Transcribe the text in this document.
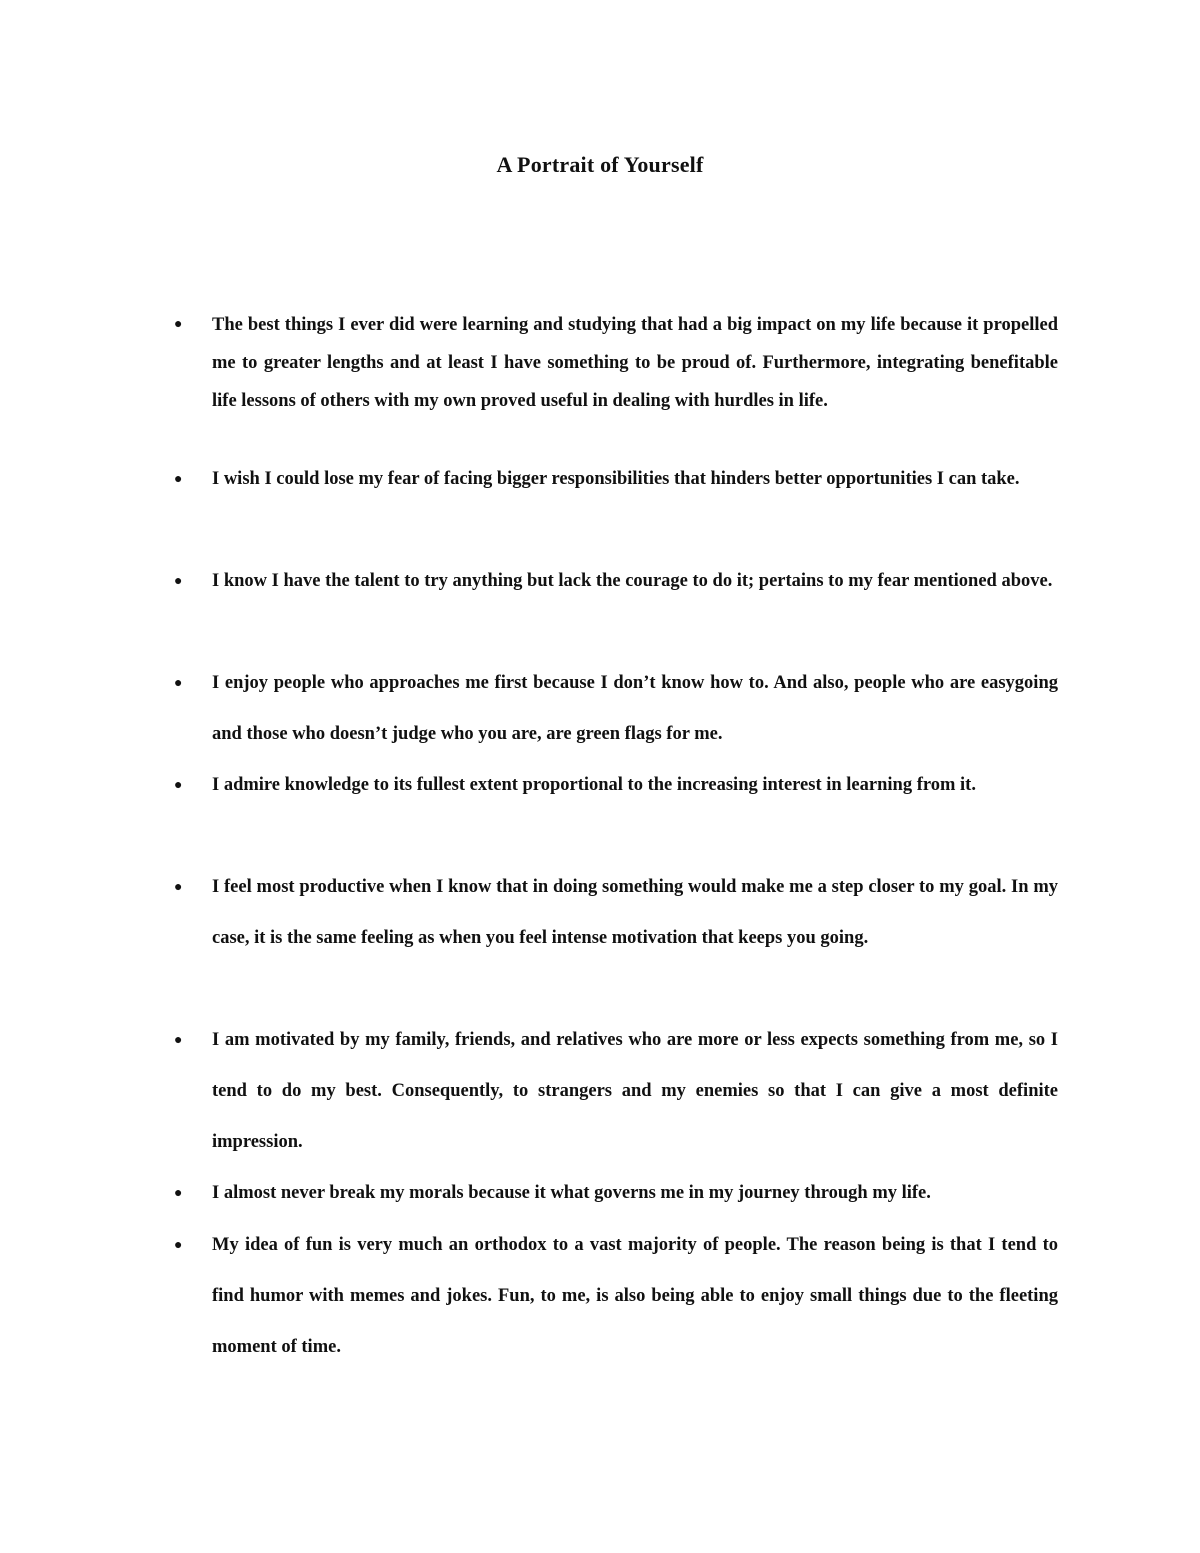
A Portrait of Yourself
● The best things I ever did were learning and studying that had a big impact on my life because it propelled me to greater lengths and at least I have something to be proud of. Furthermore, integrating benefitable life lessons of others with my own proved useful in dealing with hurdles in life.
● I wish I could lose my fear of facing bigger responsibilities that hinders better opportunities I can take.
● I know I have the talent to try anything but lack the courage to do it; pertains to my fear mentioned above.
● I enjoy people who approaches me first because I don’t know how to. And also, people who are easygoing and those who doesn’t judge who you are, are green flags for me.
● I admire knowledge to its fullest extent proportional to the increasing interest in learning from it.
● I feel most productive when I know that in doing something would make me a step closer to my goal. In my case, it is the same feeling as when you feel intense motivation that keeps you going.
● I am motivated by my family, friends, and relatives who are more or less expects something from me, so I tend to do my best. Consequently, to strangers and my enemies so that I can give a most definite impression.
● I almost never break my morals because it what governs me in my journey through my life.
● My idea of fun is very much an orthodox to a vast majority of people. The reason being is that I tend to find humor with memes and jokes. Fun, to me, is also being able to enjoy small things due to the fleeting moment of time.
